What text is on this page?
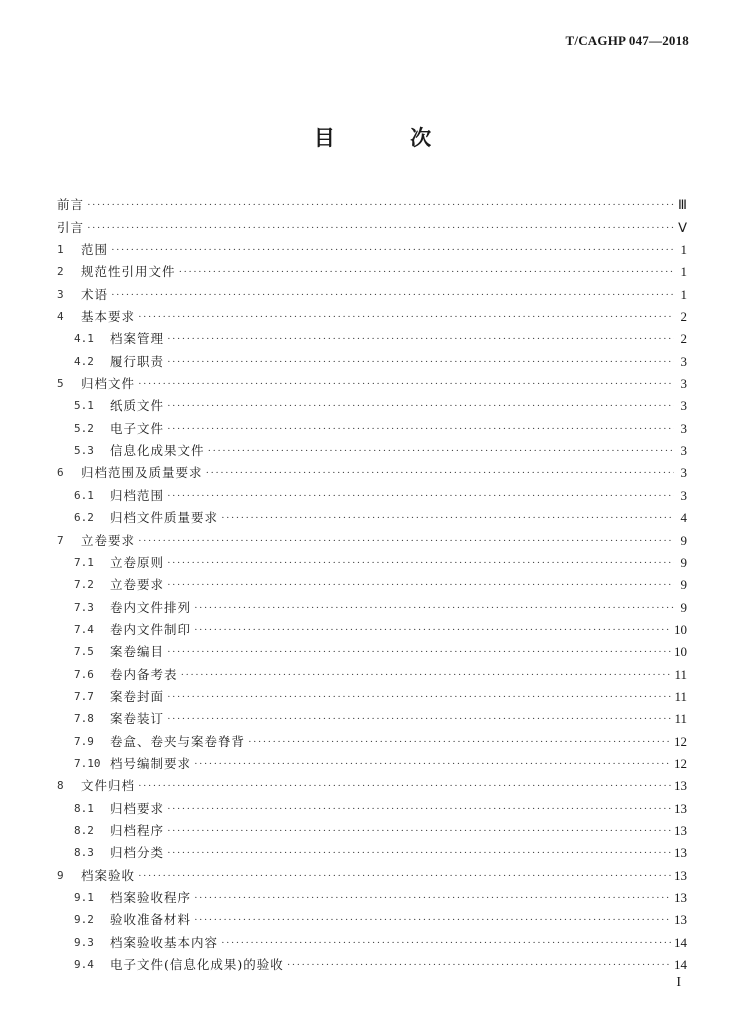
T/CAGHP 047—2018
目 次
前言 ·····	Ⅲ
引言 ·····	Ⅴ
1	范围 ·····	1
2	规范性引用文件 ·····	1
3	术语 ·····	1
4	基本要求 ·····	2
4.1	档案管理 ·····	2
4.2	履行职责 ·····	3
5	归档文件 ·····	3
5.1	纸质文件 ·····	3
5.2	电子文件 ·····	3
5.3	信息化成果文件 ·····	3
6	归档范围及质量要求 ·····	3
6.1	归档范围 ·····	3
6.2	归档文件质量要求 ·····	4
7	立卷要求 ·····	9
7.1	立卷原则 ·····	9
7.2	立卷要求 ·····	9
7.3	卷内文件排列 ·····	9
7.4	卷内文件制印 ·····	10
7.5	案卷编目 ·····	10
7.6	卷内备考表 ·····	11
7.7	案卷封面 ·····	11
7.8	案卷装订 ·····	11
7.9	卷盒、卷夹与案卷脊背 ·····	12
7.10 档号编制要求 ·····	12
8	文件归档 ·····	13
8.1	归档要求 ·····	13
8.2	归档程序 ·····	13
8.3	归档分类 ·····	13
9	档案验收 ·····	13
9.1	档案验收程序 ·····	13
9.2	验收准备材料 ·····	13
9.3	档案验收基本内容 ·····	14
9.4	电子文件(信息化成果)的验收 ·····	14
I
